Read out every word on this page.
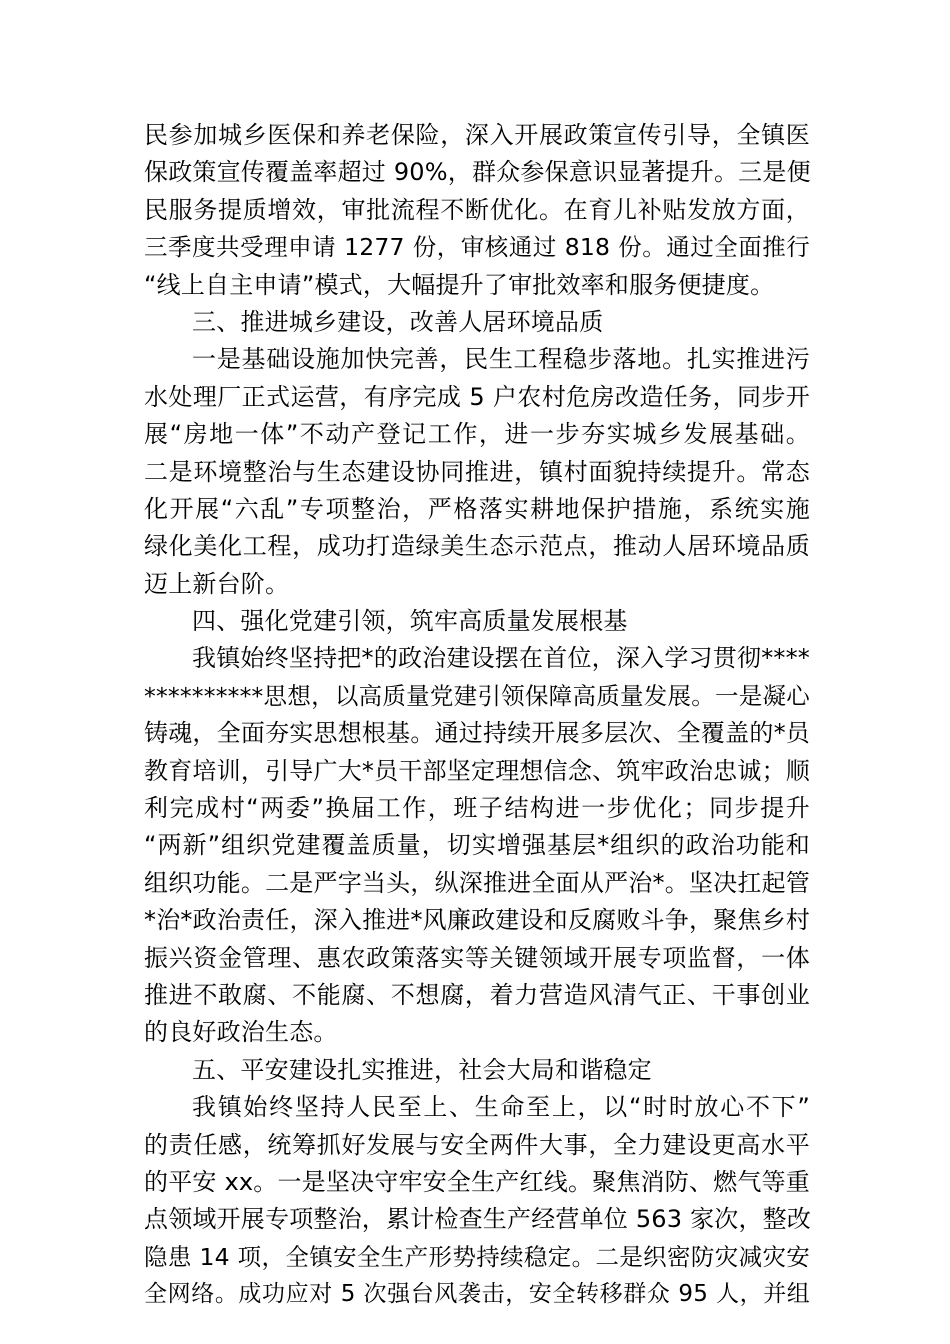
民参加城乡医保和养老保险，深入开展政策宣传引导，全镇医
保政策宣传覆盖率超过 90%，群众参保意识显著提升。三是便
民服务提质增效，审批流程不断优化。在育儿补贴发放方面，
三季度共受理申请 1277 份，审核通过 818 份。通过全面推行
“线上自主申请”模式，大幅提升了审批效率和服务便捷度。
三、推进城乡建设，改善人居环境品质
一是基础设施加快完善，民生工程稳步落地。扎实推进污
水处理厂正式运营，有序完成 5 户农村危房改造任务，同步开
展“房地一体”不动产登记工作，进一步夯实城乡发展基础。
二是环境整治与生态建设协同推进，镇村面貌持续提升。常态
化开展“六乱”专项整治，严格落实耕地保护措施，系统实施
绿化美化工程，成功打造绿美生态示范点，推动人居环境品质
迈上新台阶。
四、强化党建引领，筑牢高质量发展根基
我镇始终坚持把*的政治建设摆在首位，深入学习贯彻****
**********思想，以高质量党建引领保障高质量发展。一是凝心
铸魂，全面夯实思想根基。通过持续开展多层次、全覆盖的*员
教育培训，引导广大*员干部坚定理想信念、筑牢政治忠诚；顺
利完成村“两委”换届工作，班子结构进一步优化；同步提升
“两新”组织党建覆盖质量，切实增强基层*组织的政治功能和
组织功能。二是严字当头，纵深推进全面从严治*。坚决扛起管
*治*政治责任，深入推进*风廉政建设和反腐败斗争，聚焦乡村
振兴资金管理、惠农政策落实等关键领域开展专项监督，一体
推进不敢腐、不能腐、不想腐，着力营造风清气正、干事创业
的良好政治生态。
五、平安建设扎实推进，社会大局和谐稳定
我镇始终坚持人民至上、生命至上，以“时时放心不下”
的责任感，统筹抓好发展与安全两件大事，全力建设更高水平
的平安 xx。一是坚决守牢安全生产红线。聚焦消防、燃气等重
点领域开展专项整治，累计检查生产经营单位 563 家次，整改
隐患 14 项，全镇安全生产形势持续稳定。二是织密防灾减灾安
全网络。成功应对 5 次强台风袭击，安全转移群众 95 人，并组
